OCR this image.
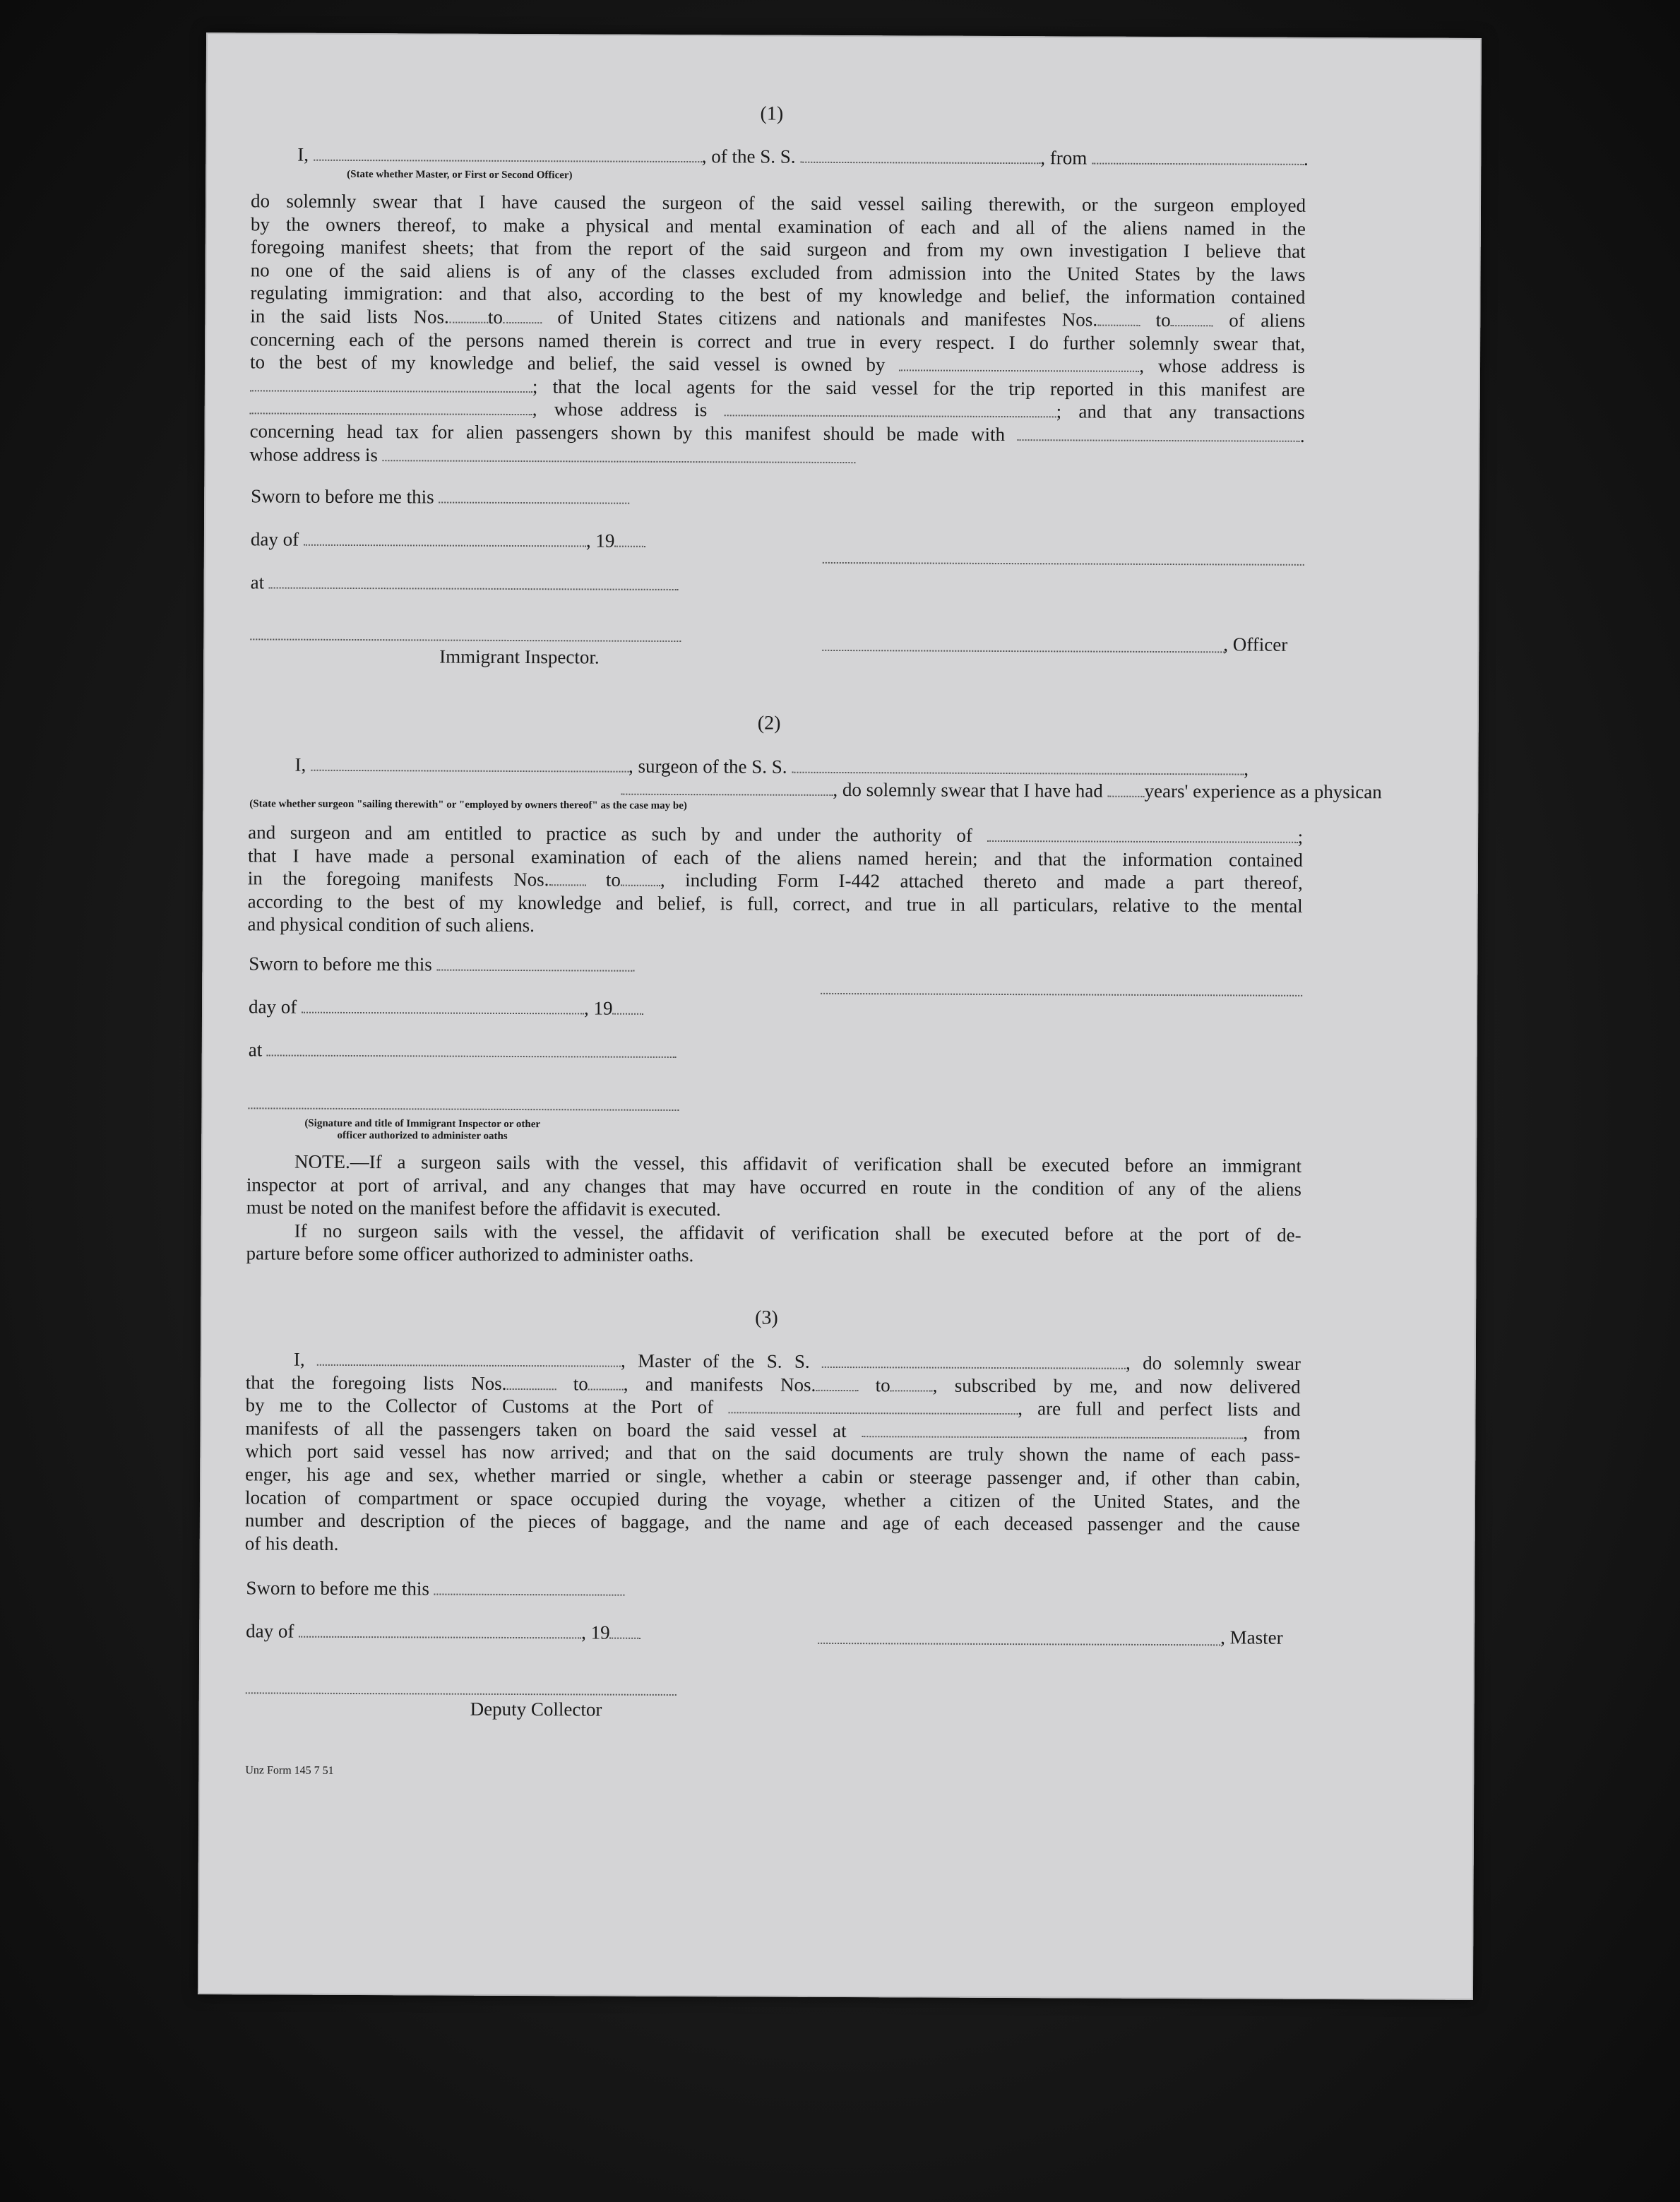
(1)
I,	, of the S. S.	, from	.
(State whether Master, or First or Second Officer)
do solemnly swear that I have caused the surgeon of the said vessel sailing therewith, or the surgeon employed
by the owners thereof, to make a physical and mental examination of each and all of the aliens named in the
foregoing manifest sheets; that from the report of the said surgeon and from my own investigation I believe that
no one of the said aliens is of any of the classes excluded from admission into the United States by the laws
regulating immigration: and that also, according to the best of my knowledge and belief, the information contained
in the said lists Nos. to	of United States citizens and nationals and manifestes Nos.	to	of aliens
concerning each of the persons named therein is correct and true in every respect. I do further solemnly swear that,
to the best of my knowledge and belief, the said vessel is owned by	, whose address is
; that the local agents for the said vessel for the trip reported in this manifest are
, whose address is	; and that any transactions
concerning head tax for alien passengers shown by this manifest should be made with	.
whose address is
Sworn to before me this
day of	, 19
at
, Officer
Immigrant Inspector.
(2)
I,	, surgeon of the S. S.	,
, do solemnly swear that I have had years' experience as a physican
(State whether surgeon "sailing therewith" or "employed by owners thereof" as the case may be)
and surgeon and am entitled to practice as such by and under the authority of	;
that I have made a personal examination of each of the aliens named herein; and that the information contained
in the foregoing manifests Nos.	to , including Form I-442 attached thereto and made a part thereof,
according to the best of my knowledge and belief, is full, correct, and true in all particulars, relative to the mental
and physical condition of such aliens.
Sworn to before me this
day of	, 19
at
(Signature and title of Immigrant Inspector or other
officer authorized to administer oaths
NOTE.—If a surgeon sails with the vessel, this affidavit of verification shall be executed before an immigrant
inspector at port of arrival, and any changes that may have occurred en route in the condition of any of the aliens
must be noted on the manifest before the affidavit is executed.
If no surgeon sails with the vessel, the affidavit of verification shall be executed before at the port of de-
parture before some officer authorized to administer oaths.
(3)
I,	, Master of the S. S.	, do solemnly swear
that the foregoing lists Nos.	to , and manifests Nos.	to , subscribed by me, and now delivered
by me to the Collector of Customs at the Port of	, are full and perfect lists and
manifests of all the passengers taken on board the said vessel at	, from
which port said vessel has now arrived; and that on the said documents are truly shown the name of each pass-
enger, his age and sex, whether married or single, whether a cabin or steerage passenger and, if other than cabin,
location of compartment or space occupied during the voyage, whether a citizen of the United States, and the
number and description of the pieces of baggage, and the name and age of each deceased passenger and the cause
of his death.
Sworn to before me this
day of	, 19	, Master
Deputy Collector
Unz Form 145 7 51
